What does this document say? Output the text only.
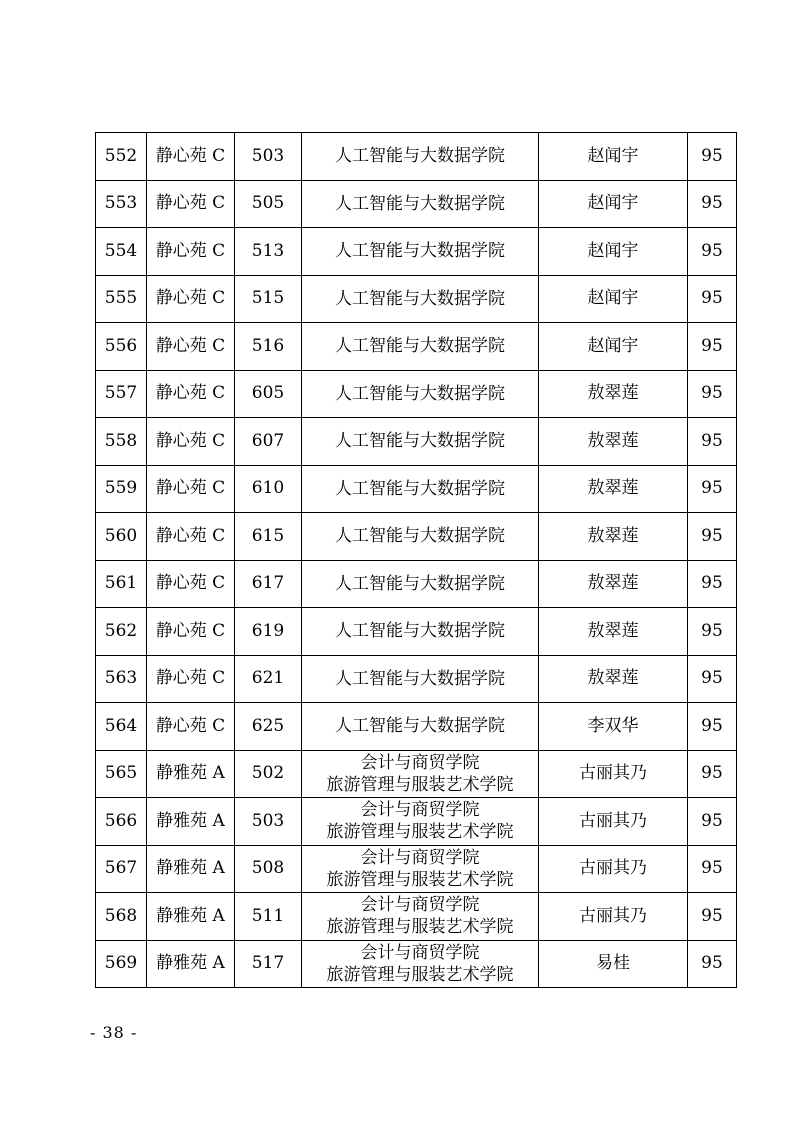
552	静心苑 C	503	人工智能与大数据学院	赵闻宇	95
553	静心苑 C	505	人工智能与大数据学院	赵闻宇	95
554	静心苑 C	513	人工智能与大数据学院	赵闻宇	95
555	静心苑 C	515	人工智能与大数据学院	赵闻宇	95
556	静心苑 C	516	人工智能与大数据学院	赵闻宇	95
557	静心苑 C	605	人工智能与大数据学院	敖翠莲	95
558	静心苑 C	607	人工智能与大数据学院	敖翠莲	95
559	静心苑 C	610	人工智能与大数据学院	敖翠莲	95
560	静心苑 C	615	人工智能与大数据学院	敖翠莲	95
561	静心苑 C	617	人工智能与大数据学院	敖翠莲	95
562	静心苑 C	619	人工智能与大数据学院	敖翠莲	95
563	静心苑 C	621	人工智能与大数据学院	敖翠莲	95
564	静心苑 C	625	人工智能与大数据学院	李双华	95
565	静雅苑 A	502	会计与商贸学院
旅游管理与服装艺术学院	古丽其乃	95
566	静雅苑 A	503	会计与商贸学院
旅游管理与服装艺术学院	古丽其乃	95
567	静雅苑 A	508	会计与商贸学院
旅游管理与服装艺术学院	古丽其乃	95
568	静雅苑 A	511	会计与商贸学院
旅游管理与服装艺术学院	古丽其乃	95
569	静雅苑 A	517	会计与商贸学院
旅游管理与服装艺术学院	易桂	95
- 38 -
